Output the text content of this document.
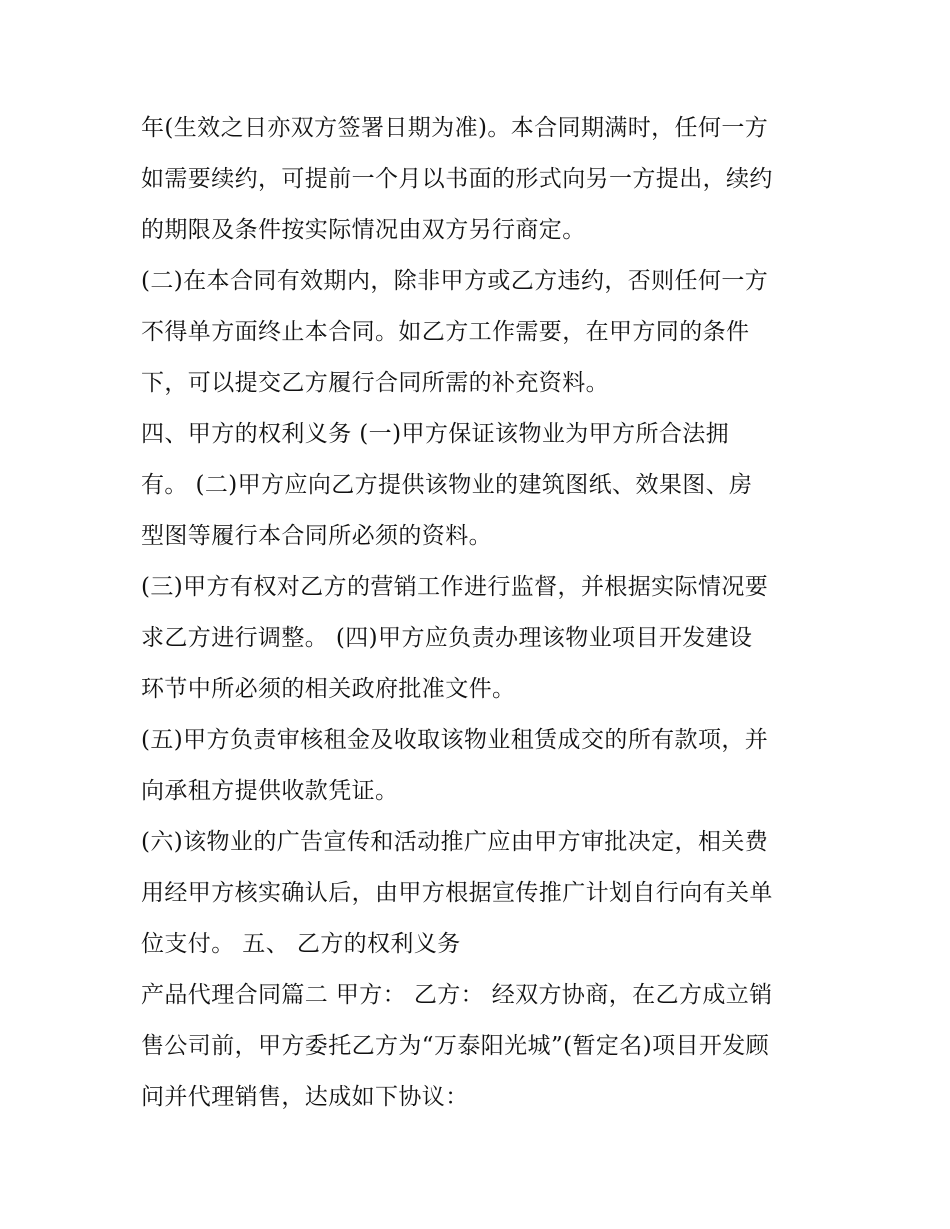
年(生效之日亦双方签署日期为准)。本合同期满时，任何一方
如需要续约，可提前一个月以书面的形式向另一方提出，续约
的期限及条件按实际情况由双方另行商定。
(二)在本合同有效期内，除非甲方或乙方违约，否则任何一方
不得单方面终止本合同。如乙方工作需要，在甲方同的条件
下，可以提交乙方履行合同所需的补充资料。
四、甲方的权利义务 (一)甲方保证该物业为甲方所合法拥
有。 (二)甲方应向乙方提供该物业的建筑图纸、效果图、房
型图等履行本合同所必须的资料。
(三)甲方有权对乙方的营销工作进行监督，并根据实际情况要
求乙方进行调整。 (四)甲方应负责办理该物业项目开发建设
环节中所必须的相关政府批准文件。
(五)甲方负责审核租金及收取该物业租赁成交的所有款项，并
向承租方提供收款凭证。
(六)该物业的广告宣传和活动推广应由甲方审批决定，相关费
用经甲方核实确认后，由甲方根据宣传推广计划自行向有关单
位支付。 五、 乙方的权利义务
产品代理合同篇二 甲方： 乙方： 经双方协商，在乙方成立销
售公司前，甲方委托乙方为“万泰阳光城”(暂定名)项目开发顾
问并代理销售，达成如下协议：
